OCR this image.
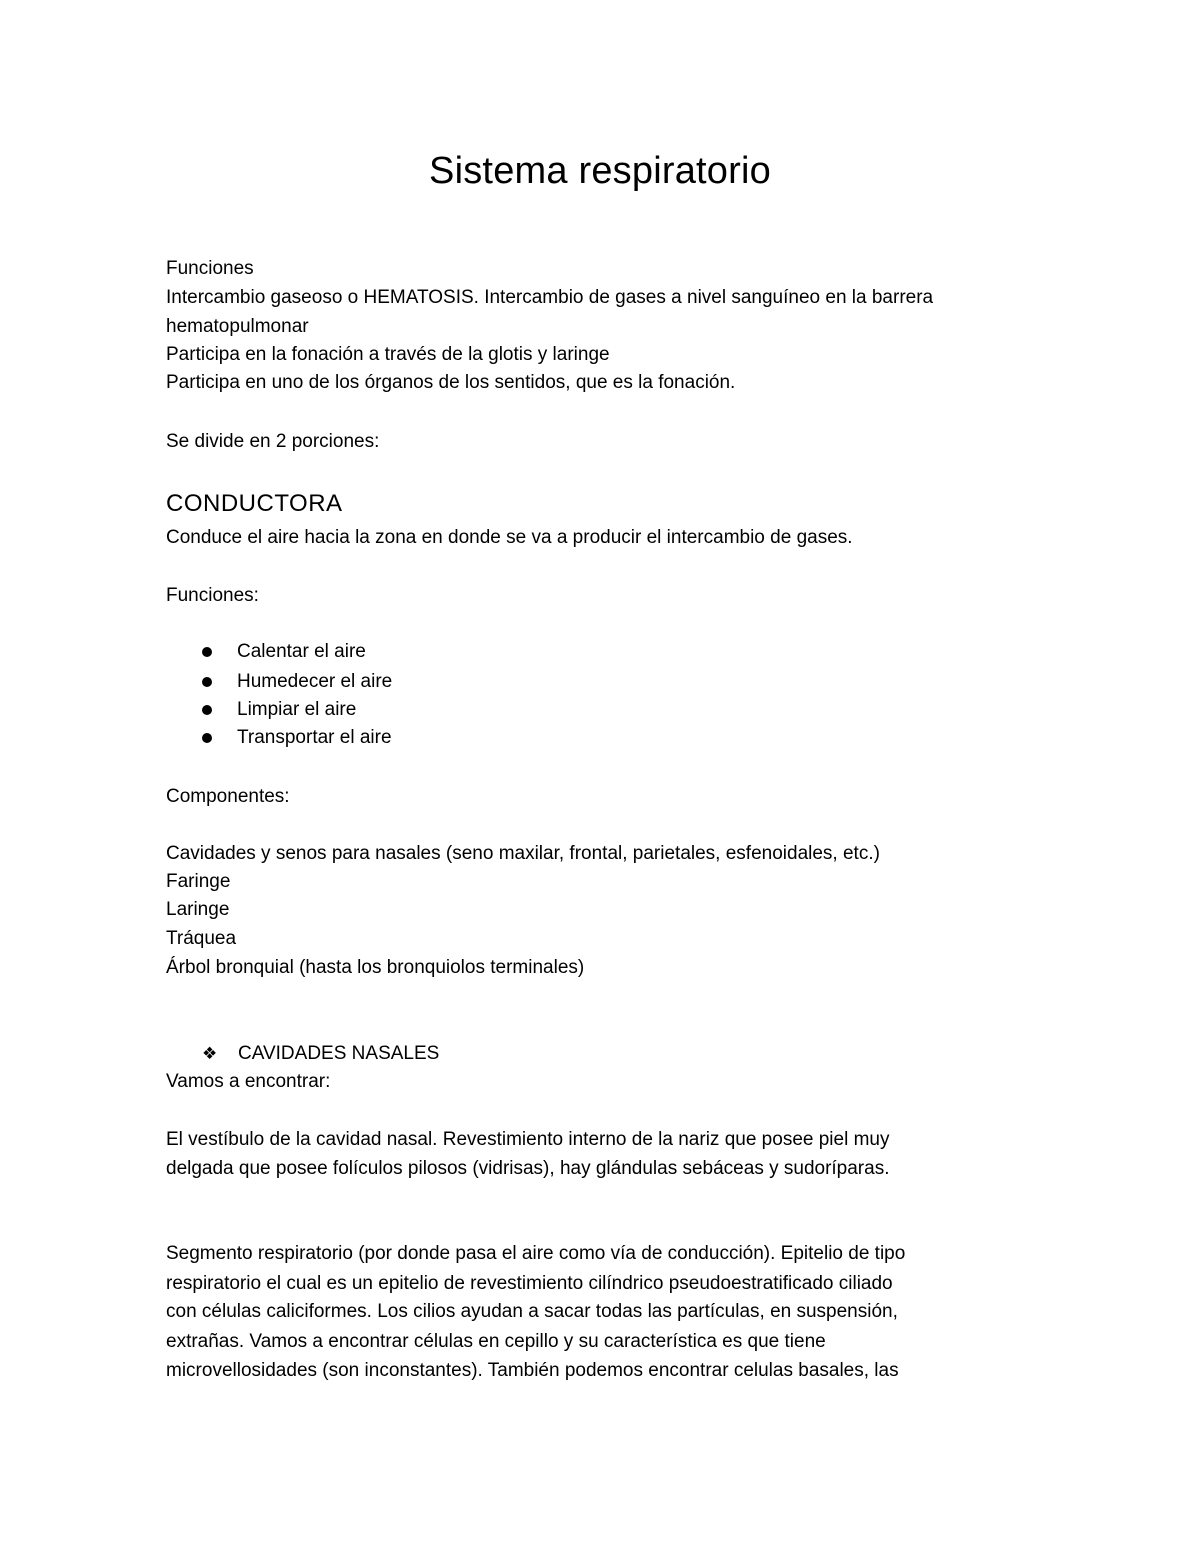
Sistema respiratorio
Funciones
Intercambio gaseoso o HEMATOSIS. Intercambio de gases a nivel sanguíneo en la barrera
hematopulmonar
Participa en la fonación a través de la glotis y laringe
Participa en uno de los órganos de los sentidos, que es la fonación.
Se divide en 2 porciones:
CONDUCTORA
Conduce el aire hacia la zona en donde se va a producir el intercambio de gases.
Funciones:
Calentar el aire
Humedecer el aire
Limpiar el aire
Transportar el aire
Componentes:
Cavidades y senos para nasales (seno maxilar, frontal, parietales, esfenoidales, etc.)
Faringe
Laringe
Tráquea
Árbol bronquial (hasta los bronquiolos terminales)
❖ CAVIDADES NASALES
Vamos a encontrar:
El vestíbulo de la cavidad nasal. Revestimiento interno de la nariz que posee piel muy
delgada que posee folículos pilosos (vidrisas), hay glándulas sebáceas y sudoríparas.
Segmento respiratorio (por donde pasa el aire como vía de conducción). Epitelio de tipo
respiratorio el cual es un epitelio de revestimiento cilíndrico pseudoestratificado ciliado
con células caliciformes. Los cilios ayudan a sacar todas las partículas, en suspensión,
extrañas. Vamos a encontrar células en cepillo y su característica es que tiene
microvellosidades (son inconstantes). También podemos encontrar celulas basales, las
